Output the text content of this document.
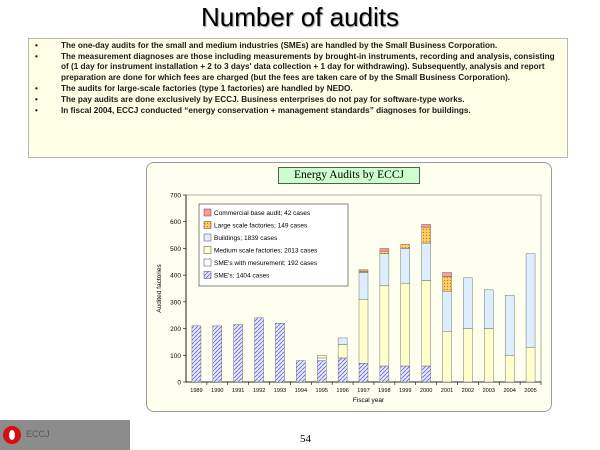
Number of audits
•	The one-day audits for the small and medium industries (SMEs) are handled by the Small Business Corporation.
•	The measurement diagnoses are those including measurements by brought-in instruments, recording and analysis, consisting of (1 day for instrument installation + 2 to 3 days' data collection + 1 day for withdrawing). Subsequently, analysis and report preparation are done for which fees are charged (but the fees are taken care of by the Small Business Corporation).
•	The audits for large-scale factories (type 1 factories) are handled by NEDO.
•	The pay audits are done exclusively by ECCJ. Business enterprises do not pay for software-type works.
•	In fiscal 2004, ECCJ conducted “energy conservation + management standards” diagnoses for buildings.
0
100
200
300
400
500
600
700
1989 1990 1991 1992 1993 1994 1995 1996 1997 1998 1999 2000 2001 2002 2003 2004 2005
Fiscal year
Audited factories
Commercial base audit; 42 cases
Large scale factories; 149 cases
Buildings; 1839 cases
Medium scale factories; 2013 cases
SME's with mesurement; 192 cases
SME's; 1404 cases
Energy Audits by ECCJ
ECCJ	54
